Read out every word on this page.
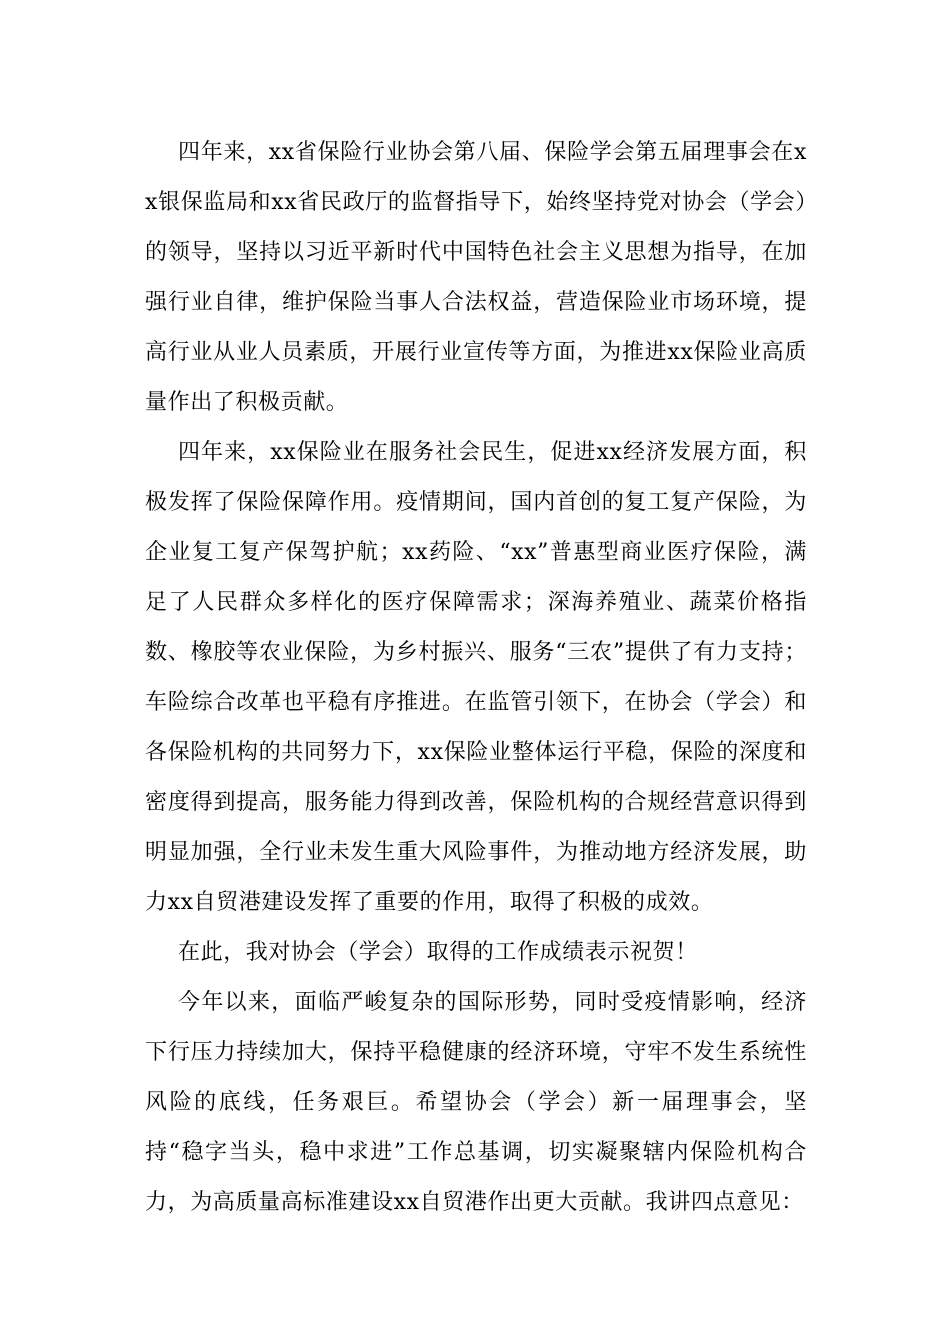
四年来，xx省保险行业协会第八届、保险学会第五届理事会在xx银保监局和xx省民政厅的监督指导下，始终坚持党对协会（学会）的领导，坚持以习近平新时代中国特色社会主义思想为指导，在加强行业自律，维护保险当事人合法权益，营造保险业市场环境，提高行业从业人员素质，开展行业宣传等方面，为推进xx保险业高质量作出了积极贡献。

四年来，xx保险业在服务社会民生，促进xx经济发展方面，积极发挥了保险保障作用。疫情期间，国内首创的复工复产保险，为企业复工复产保驾护航；xx药险、“xx”普惠型商业医疗保险，满足了人民群众多样化的医疗保障需求；深海养殖业、蔬菜价格指数、橡胶等农业保险，为乡村振兴、服务“三农”提供了有力支持；车险综合改革也平稳有序推进。在监管引领下，在协会（学会）和各保险机构的共同努力下，xx保险业整体运行平稳，保险的深度和密度得到提高，服务能力得到改善，保险机构的合规经营意识得到明显加强，全行业未发生重大风险事件，为推动地方经济发展，助力xx自贸港建设发挥了重要的作用，取得了积极的成效。

在此，我对协会（学会）取得的工作成绩表示祝贺！

今年以来，面临严峻复杂的国际形势，同时受疫情影响，经济下行压力持续加大，保持平稳健康的经济环境，守牢不发生系统性风险的底线，任务艰巨。希望协会（学会）新一届理事会，坚持“稳字当头，稳中求进”工作总基调，切实凝聚辖内保险机构合力，为高质量高标准建设xx自贸港作出更大贡献。我讲四点意见：
